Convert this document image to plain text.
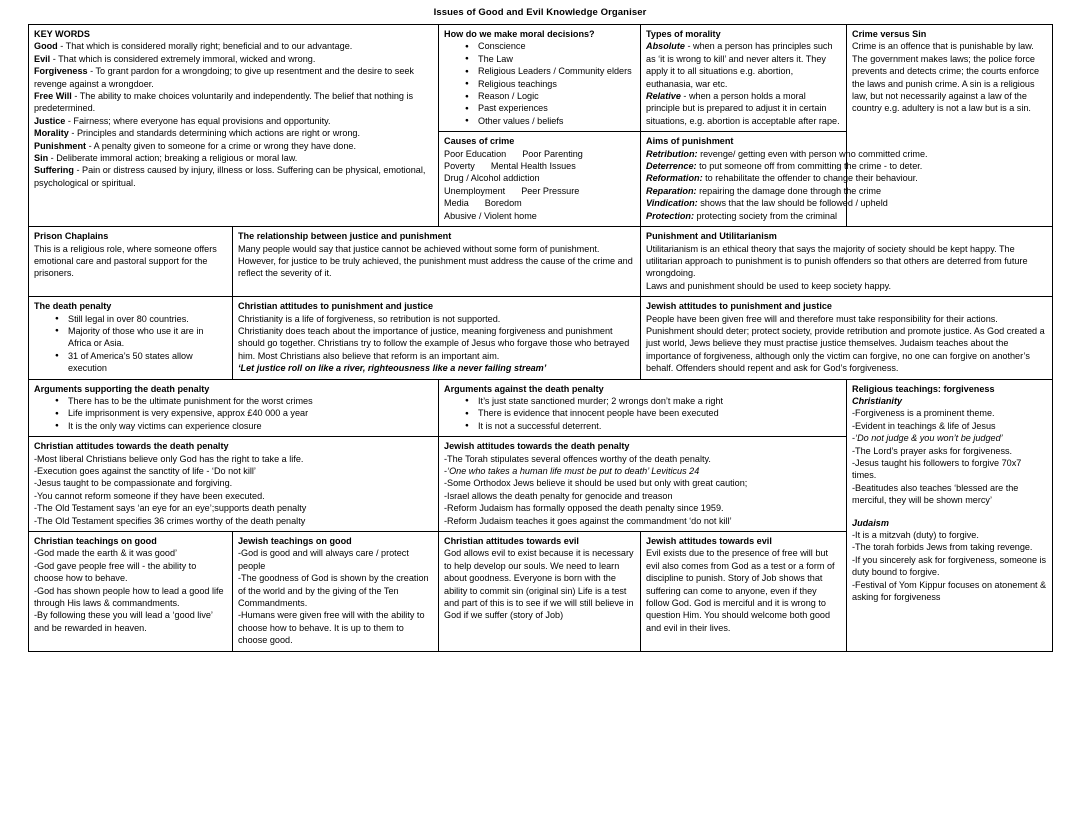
Issues of Good and Evil Knowledge Organiser
KEY WORDS
Good - That which is considered morally right; beneficial and to our advantage.
Evil - That which is considered extremely immoral, wicked and wrong.
Forgiveness - To grant pardon for a wrongdoing; to give up resentment and the desire to seek revenge against a wrongdoer.
Free Will - The ability to make choices voluntarily and independently. The belief that nothing is predetermined.
Justice - Fairness; where everyone has equal provisions and opportunity.
Morality - Principles and standards determining which actions are right or wrong.
Punishment - A penalty given to someone for a crime or wrong they have done.
Sin - Deliberate immoral action; breaking a religious or moral law.
Suffering - Pain or distress caused by injury, illness or loss. Suffering can be physical, emotional, psychological or spiritual.

How do we make moral decisions?
● Conscience
● The Law
● Religious Leaders / Community elders
● Religious teachings
● Reason / Logic
● Past experiences
● Other values / beliefs

Types of morality
Absolute - when a person has principles such as ‘it is wrong to kill’ and never alters it. They apply it to all situations e.g. abortion, euthanasia, war etc.
Relative - when a person holds a moral principle but is prepared to adjust it in certain situations, e.g. abortion is acceptable after rape.

Crime versus Sin
Crime is an offence that is punishable by law.
The government makes laws; the police force prevents and detects crime; the courts enforce the laws and punish crime. A sin is a religious law, but not necessarily against a law of the country e.g. adultery is not a law but is a sin.

Causes of crime
Poor Education Poor Parenting
Poverty Mental Health Issues
Drug / Alcohol addiction
Unemployment Peer Pressure
Media Boredom
Abusive / Violent home

Aims of punishment
Retribution: revenge/ getting even with person who committed crime.
Deterrence: to put someone off from committing the crime - to deter.
Reformation: to rehabilitate the offender to change their behaviour.
Reparation: repairing the damage done through the crime
Vindication: shows that the law should be followed / upheld
Protection: protecting society from the criminal

Prison Chaplains
This is a religious role, where someone offers emotional care and pastoral support for the prisoners.

The relationship between justice and punishment
Many people would say that justice cannot be achieved without some form of punishment. However, for justice to be truly achieved, the punishment must address the cause of the crime and reflect the severity of it.

Punishment and Utilitarianism
Utilitarianism is an ethical theory that says the majority of society should be kept happy. The utilitarian approach to punishment is to punish offenders so that others are deterred from future wrongdoing.
Laws and punishment should be used to keep society happy.

The death penalty
● Still legal in over 80 countries.
● Majority of those who use it are in Africa or Asia.
● 31 of America’s 50 states allow execution

Christian attitudes to punishment and justice
Christianity is a life of forgiveness, so retribution is not supported.
Christianity does teach about the importance of justice, meaning forgiveness and punishment should go together. Christians try to follow the example of Jesus who forgave those who betrayed him. Most Christians also believe that reform is an important aim.
‘Let justice roll on like a river, righteousness like a never failing stream’

Jewish attitudes to punishment and justice
People have been given free will and therefore must take responsibility for their actions. Punishment should deter; protect society, provide retribution and promote justice. As God created a just world, Jews believe they must practise justice themselves. Judaism teaches about the importance of forgiveness, although only the victim can forgive, no one can forgive on another’s behalf. Offenders should repent and ask for God’s forgiveness.

Arguments supporting the death penalty
● There has to be the ultimate punishment for the worst crimes
● Life imprisonment is very expensive, approx £40 000 a year
● It is the only way victims can experience closure

Arguments against the death penalty
● It’s just state sanctioned murder; 2 wrongs don’t make a right
● There is evidence that innocent people have been executed
● It is not a successful deterrent.

Religious teachings: forgiveness
Christianity
-Forgiveness is a prominent theme.
-Evident in teachings & life of Jesus
-‘Do not judge & you won’t be judged’
-The Lord’s prayer asks for forgiveness.
-Jesus taught his followers to forgive 70x7 times.
-Beatitudes also teaches ‘blessed are the merciful, they will be shown mercy’
Judaism
-It is a mitzvah (duty) to forgive.
-The torah forbids Jews from taking revenge.
-If you sincerely ask for forgiveness, someone is duty bound to forgive.
-Festival of Yom Kippur focuses on atonement & asking for forgiveness

Christian attitudes towards the death penalty
-Most liberal Christians believe only God has the right to take a life.
-Execution goes against the sanctity of life - ‘Do not kill’
-Jesus taught to be compassionate and forgiving.
-You cannot reform someone if they have been executed.
-The Old Testament says ‘an eye for an eye’;supports death penalty
-The Old Testament specifies 36 crimes worthy of the death penalty

Jewish attitudes towards the death penalty
-The Torah stipulates several offences worthy of the death penalty.
-‘One who takes a human life must be put to death’ Leviticus 24
-Some Orthodox Jews believe it should be used but only with great caution;
-Israel allows the death penalty for genocide and treason
-Reform Judaism has formally opposed the death penalty since 1959.
-Reform Judaism teaches it goes against the commandment ‘do not kill’

Christian teachings on good
-God made the earth & it was good’
-God gave people free will - the ability to choose how to behave.
-God has shown people how to lead a good life through His laws & commandments.
-By following these you will lead a ‘good live’ and be rewarded in heaven.

Jewish teachings on good
-God is good and will always care / protect people
-The goodness of God is shown by the creation of the world and by the giving of the Ten Commandments.
-Humans were given free will with the ability to choose how to behave. It is up to them to choose good.

Christian attitudes towards evil
God allows evil to exist because it is necessary to help develop our souls. We need to learn about goodness. Everyone is born with the ability to commit sin (original sin) Life is a test and part of this is to see if we will still believe in God if we suffer (story of Job)

Jewish attitudes towards evil
Evil exists due to the presence of free will but evil also comes from God as a test or a form of discipline to punish. Story of Job shows that suffering can come to anyone, even if they follow God. God is merciful and it is wrong to question Him. You should welcome both good and evil in their lives.
